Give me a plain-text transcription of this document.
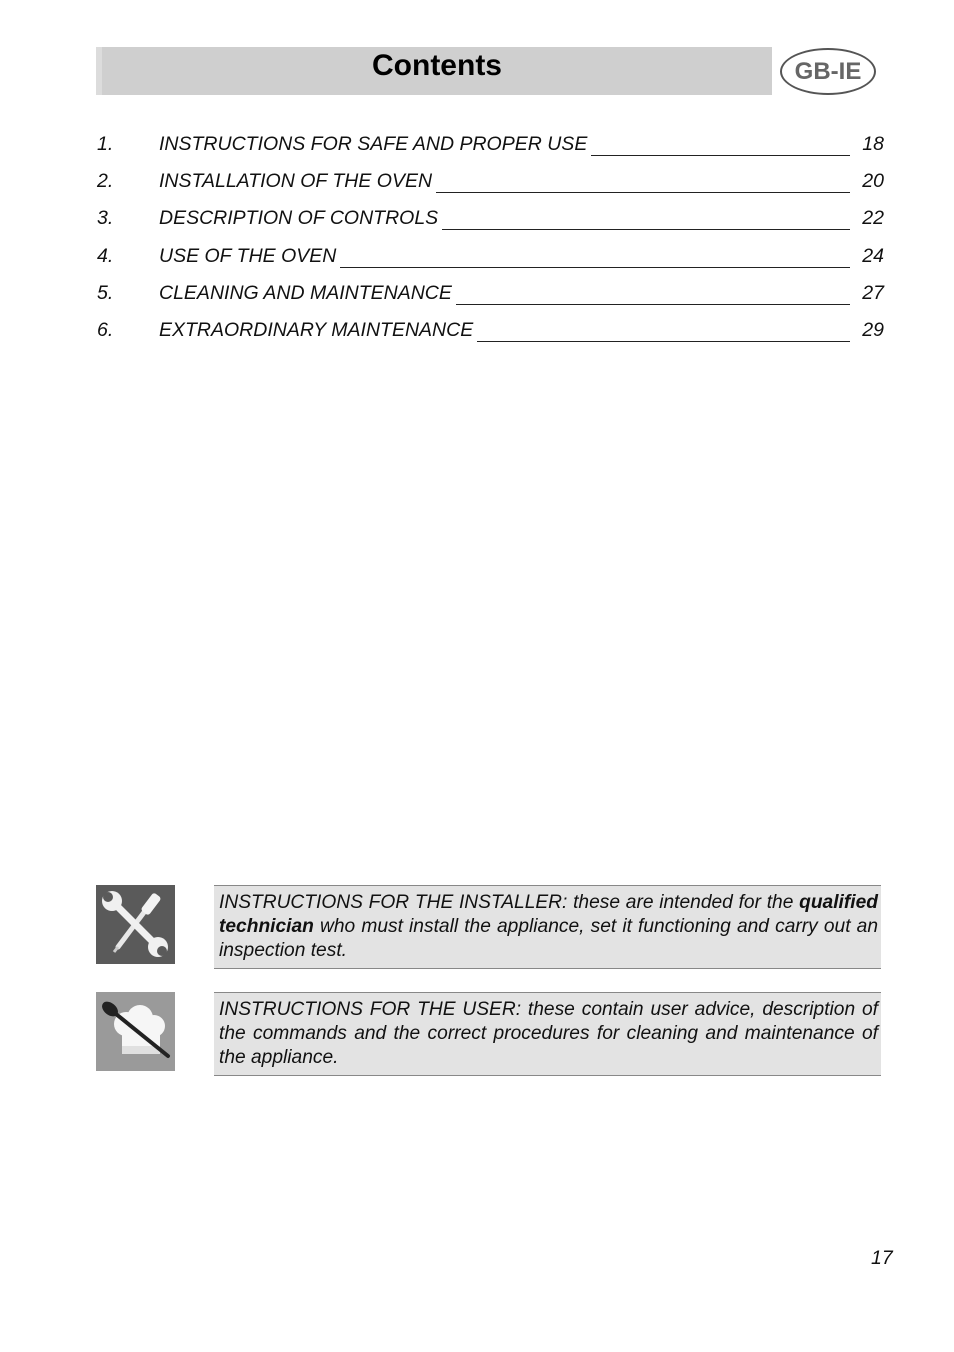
Contents	GB-IE
1. INSTRUCTIONS FOR SAFE AND PROPER USE	18
2. INSTALLATION OF THE OVEN	20
3. DESCRIPTION OF CONTROLS	22
4. USE OF THE OVEN	24
5. CLEANING AND MAINTENANCE	27
6. EXTRAORDINARY MAINTENANCE	29
INSTRUCTIONS FOR THE INSTALLER: these are intended for the qualified technician who must install the appliance, set it functioning and carry out an inspection test.
INSTRUCTIONS FOR THE USER: these contain user advice, description of the commands and the correct procedures for cleaning and maintenance of the appliance.
17
